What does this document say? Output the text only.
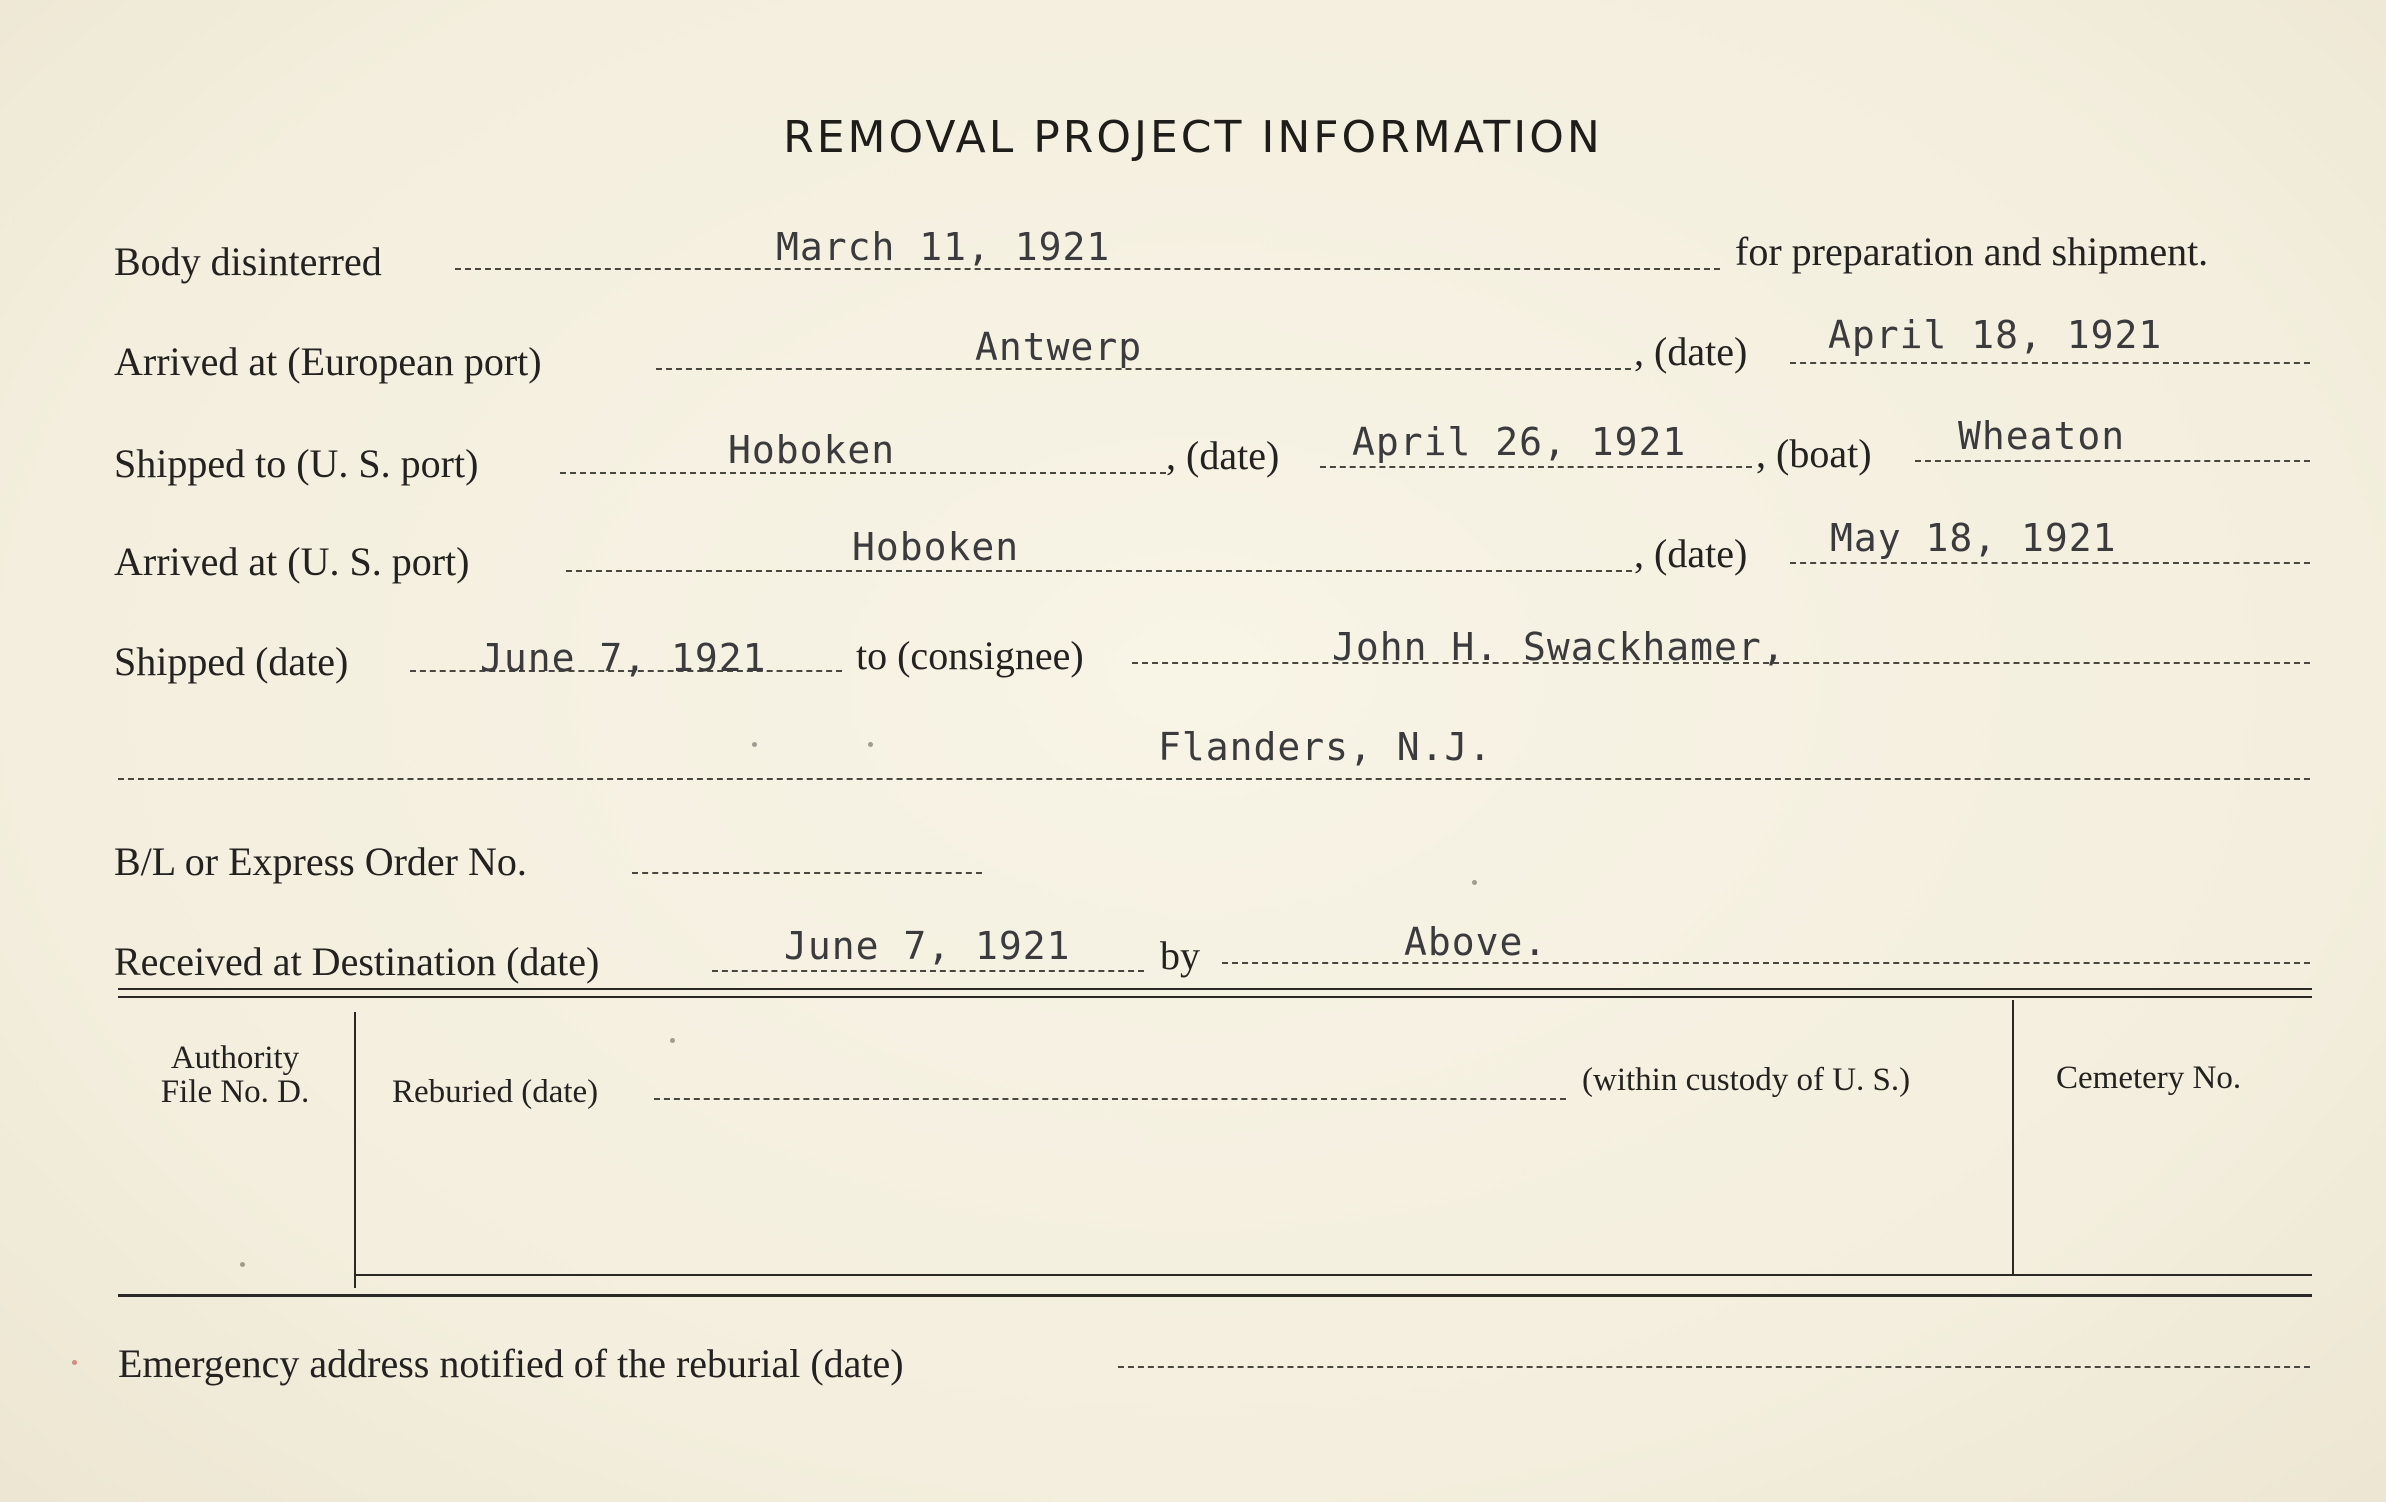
REMOVAL PROJECT INFORMATION
Body disinterred	March 11, 1921	for preparation and shipment.
Arrived at (European port)	Antwerp	, (date) April 18, 1921
Shipped to (U. S. port)	Hoboken	, (date) April 26, 1921 , (boat) Wheaton
Arrived at (U. S. port)	Hoboken	, (date) May 18, 1921
Shipped (date)	June 7, 1921 to (consignee)	John H. Swackhamer,
Flanders, N.J.
B/L or Express Order No.
Received at Destination (date)	June 7, 1921 by	Above.
Authority
File No. D.	Reburied (date)	(within custody of U. S.)	Cemetery No.
Emergency address notified of the reburial (date)
